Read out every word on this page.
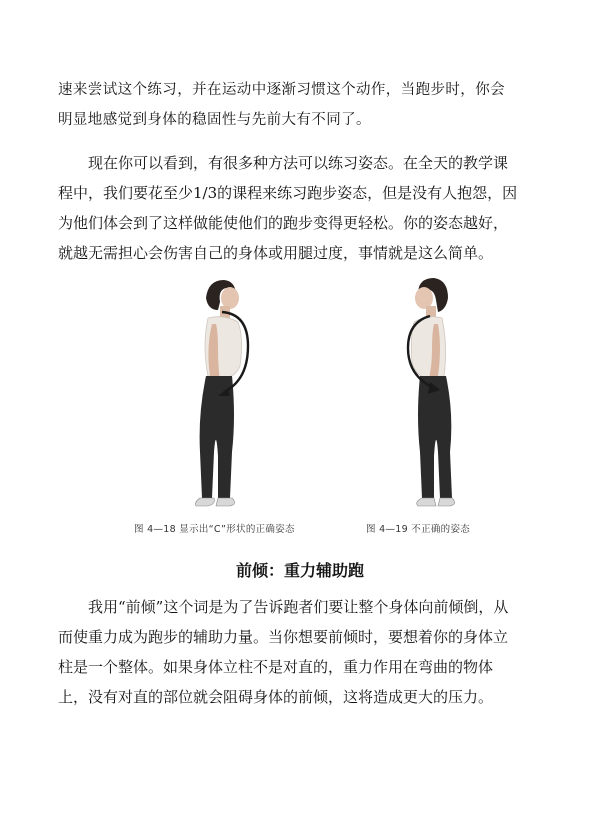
速来尝试这个练习，并在运动中逐渐习惯这个动作，当跑步时，你会
明显地感觉到身体的稳固性与先前大有不同了。
现在你可以看到，有很多种方法可以练习姿态。在全天的教学课
程中，我们要花至少1/3的课程来练习跑步姿态，但是没有人抱怨，因
为他们体会到了这样做能使他们的跑步变得更轻松。你的姿态越好，
就越无需担心会伤害自己的身体或用腿过度，事情就是这么简单。
图 4—18 显示出“C”形状的正确姿态	图 4—19 不正确的姿态
前倾：重力辅助跑
我用“前倾”这个词是为了告诉跑者们要让整个身体向前倾倒，从
而使重力成为跑步的辅助力量。当你想要前倾时，要想着你的身体立
柱是一个整体。如果身体立柱不是对直的，重力作用在弯曲的物体
上，没有对直的部位就会阻碍身体的前倾，这将造成更大的压力。
